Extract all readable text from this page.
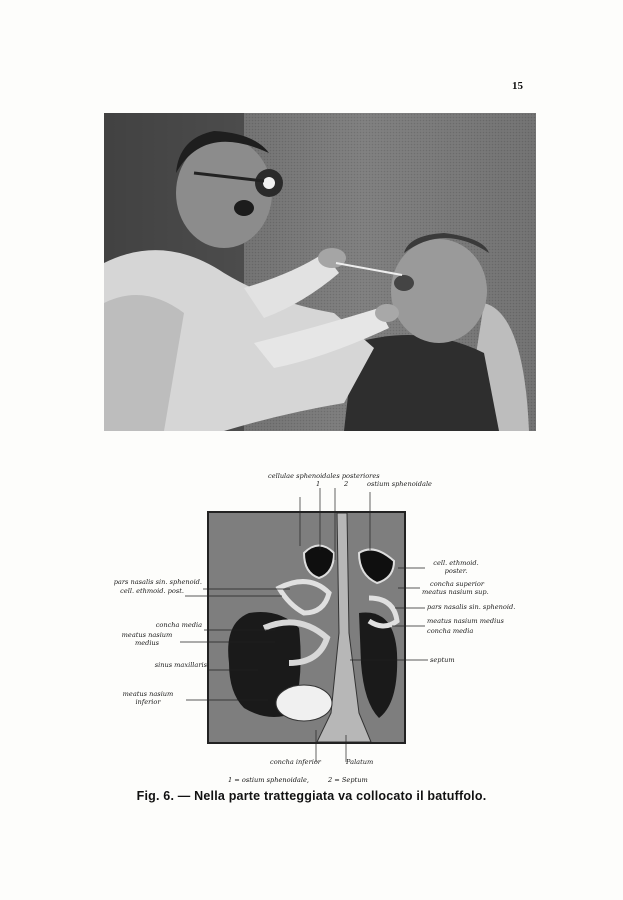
15
cellulae sphenoidales posteriores
1	2	ostium sphenoidale
pars nasalis sin. sphenoid.
cell. ethmoid. post.
concha media
meatus nasium medius
sinus maxillaris
meatus nasium inferior
cell. ethmoid. poster.
concha superior
meatus nasium sup.
pars nasalis sin. sphenoid.
meatus nasium medius
concha media
septum
concha inferior	Palatum
1 = ostium sphenoidale,	2 = Septum
Fig. 6. — Nella parte tratteggiata va collocato il batuffolo.
